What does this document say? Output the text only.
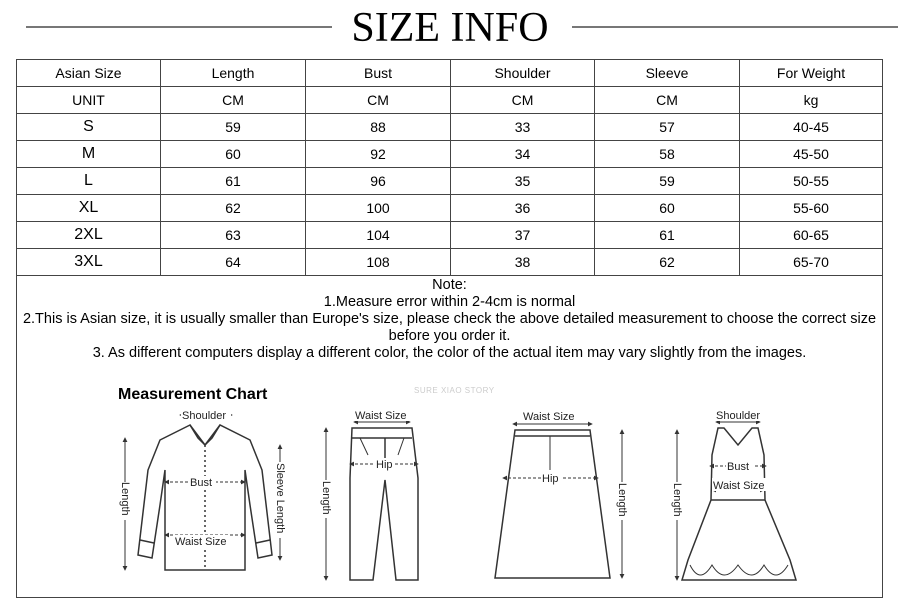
SIZE INFO
Asian Size	Length	Bust	Shoulder	Sleeve	For Weight
UNIT	CM	CM	CM	CM	kg
S	59	88	33	57	40-45
M	60	92	34	58	45-50
L	61	96	35	59	50-55
XL	62	100	36	60	55-60
2XL	63	104	37	61	60-65
3XL	64	108	38	62	65-70
Note:
1.Measure error within 2-4cm is normal
2.This is Asian size, it is usually smaller than Europe's size, please check the above detailed measurement to choose the correct size
before you order it.
3. As different computers display a different color, the color of the actual item may vary slightly from the images.
Measurement Chart	SURE XIAO STORY

Shoulder
Bust
Waist Size
Length	Sleeve Length
Waist Size
Hip
Length
Waist Size
Hip
Length
Shoulder
Bust
Waist Size
Length
